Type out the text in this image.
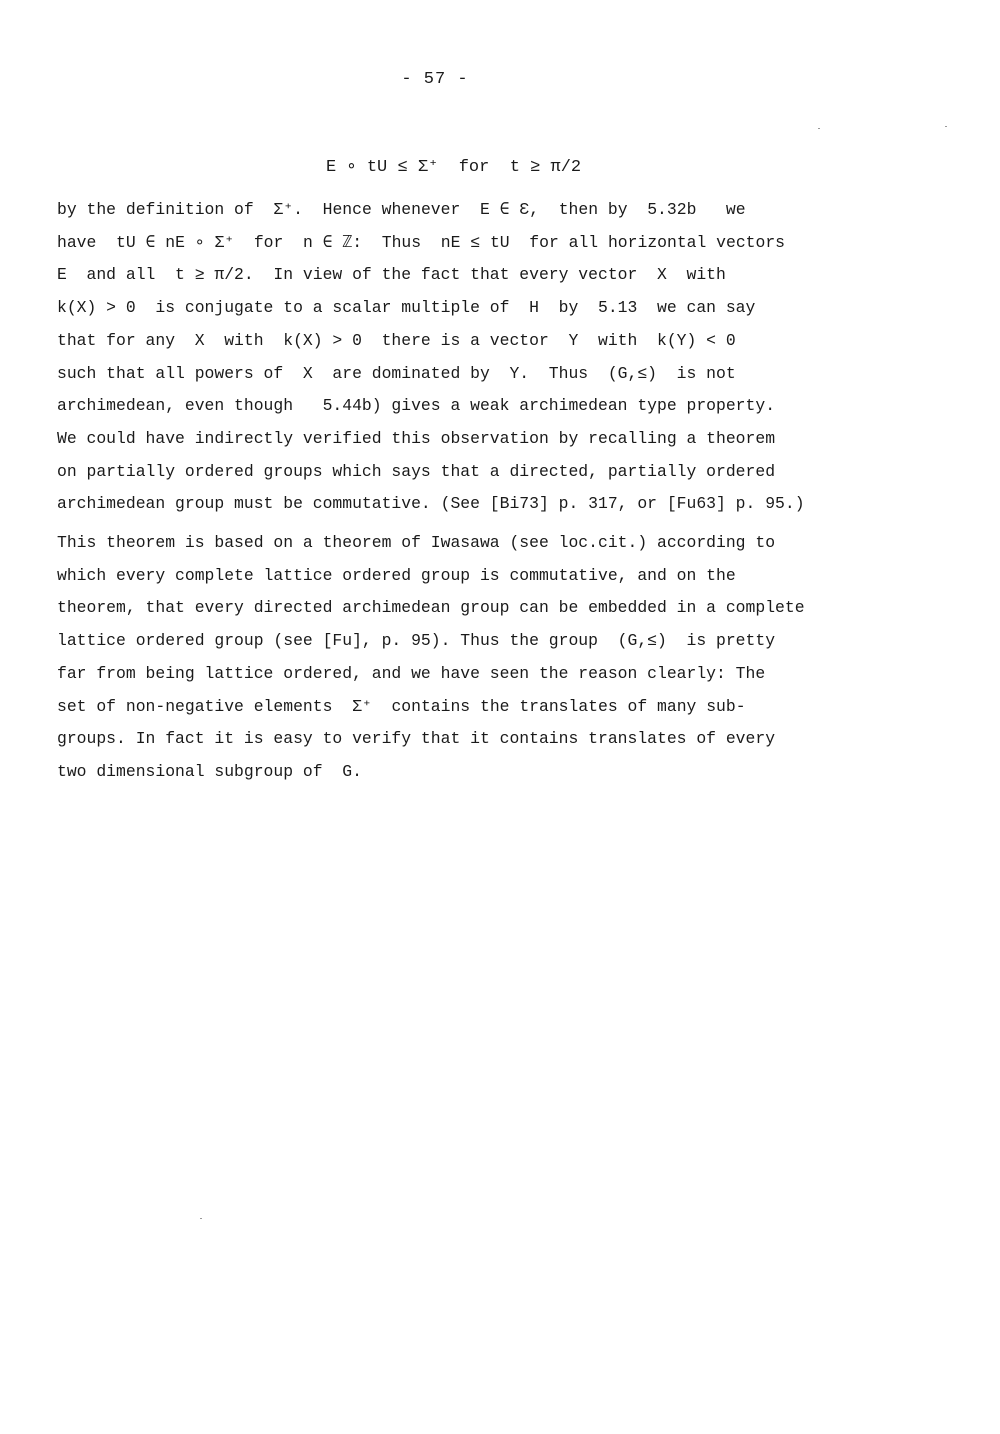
- 57 -
E ∘ tU ≤ Σ⁺  for  t ≥ π/2
by the definition of  Σ⁺.  Hence whenever  E ∈ Ɛ,  then by  5.32b   we
have  tU ∈ nE ∘ Σ⁺  for  n ∈ ℤ:  Thus  nE ≤ tU  for all horizontal vectors
E  and all  t ≥ π/2.  In view of the fact that every vector  X  with
k(X) > 0  is conjugate to a scalar multiple of  H  by  5.13  we can say
that for any  X  with  k(X) > 0  there is a vector  Y  with  k(Y) < 0
such that all powers of  X  are dominated by  Y.  Thus  (G,≤)  is not
archimedean, even though   5.44b) gives a weak archimedean type property.
We could have indirectly verified this observation by recalling a theorem
on partially ordered groups which says that a directed, partially ordered
archimedean group must be commutative. (See [Bi73] p. 317, or [Fu63] p. 95.)
This theorem is based on a theorem of Iwasawa (see loc.cit.) according to
which every complete lattice ordered group is commutative, and on the
theorem, that every directed archimedean group can be embedded in a complete
lattice ordered group (see [Fu], p. 95). Thus the group  (G,≤)  is pretty
far from being lattice ordered, and we have seen the reason clearly: The
set of non-negative elements  Σ⁺  contains the translates of many sub-
groups. In fact it is easy to verify that it contains translates of every
two dimensional subgroup of  G.
